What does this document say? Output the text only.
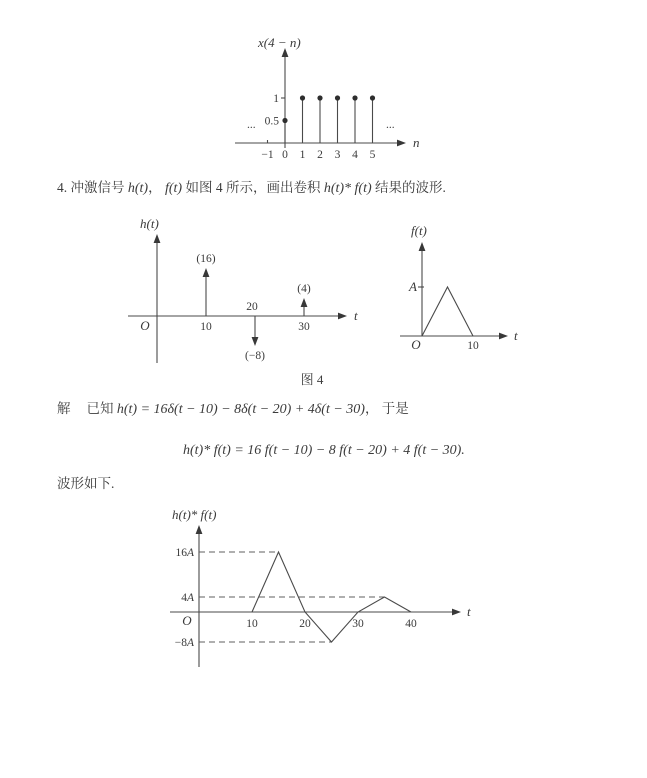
n
x(4 − n)
−1 0 1 2 3 4 5
1
0.5
...	...

4. 冲激信号 h(t)， f(t) 如图 4 所示，画出卷积 h(t)* f(t) 结果的波形.

t
h(t)
O
(16)
10
(−8)
20
(4)
30
t
f(t)
O
A
10

图 4

解 已知 h(t) = 16δ(t − 10) − 8δ(t − 20) + 4δ(t − 30)， 于是

h(t)* f(t) = 16 f(t − 10) − 8 f(t − 20) + 4 f(t − 30).

波形如下.

t
h(t)* f(t)
O
16A
4A
−8A
10	20	30	40
